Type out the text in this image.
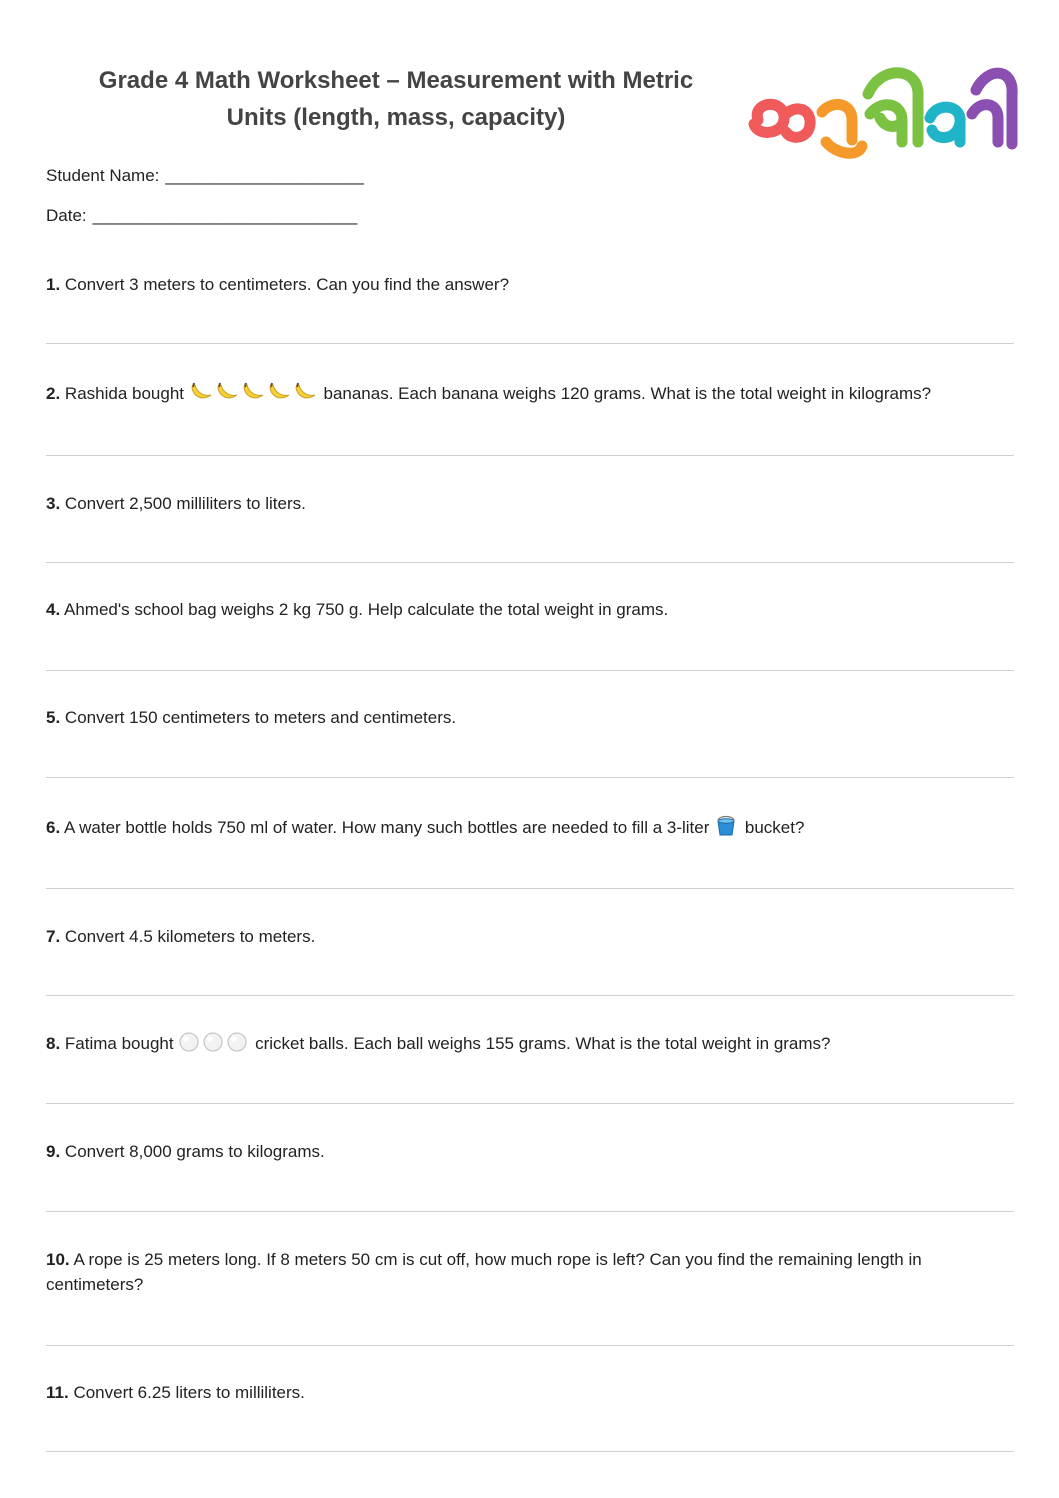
Grade 4 Math Worksheet – Measurement with Metric
Units (length, mass, capacity)
Student Name: _____________________
Date: ____________________________
1. Convert 3 meters to centimeters. Can you find the answer?
2. Rashida bought	bananas. Each banana weighs 120 grams. What is the total weight in kilograms?
3. Convert 2,500 milliliters to liters.
4. Ahmed's school bag weighs 2 kg 750 g. Help calculate the total weight in grams.
5. Convert 150 centimeters to meters and centimeters.
6. A water bottle holds 750 ml of water. How many such bottles are needed to fill a 3-liter bucket?
7. Convert 4.5 kilometers to meters.
8. Fatima bought	cricket balls. Each ball weighs 155 grams. What is the total weight in grams?
9. Convert 8,000 grams to kilograms.
10. A rope is 25 meters long. If 8 meters 50 cm is cut off, how much rope is left? Can you find the remaining length in centimeters?
11. Convert 6.25 liters to milliliters.
